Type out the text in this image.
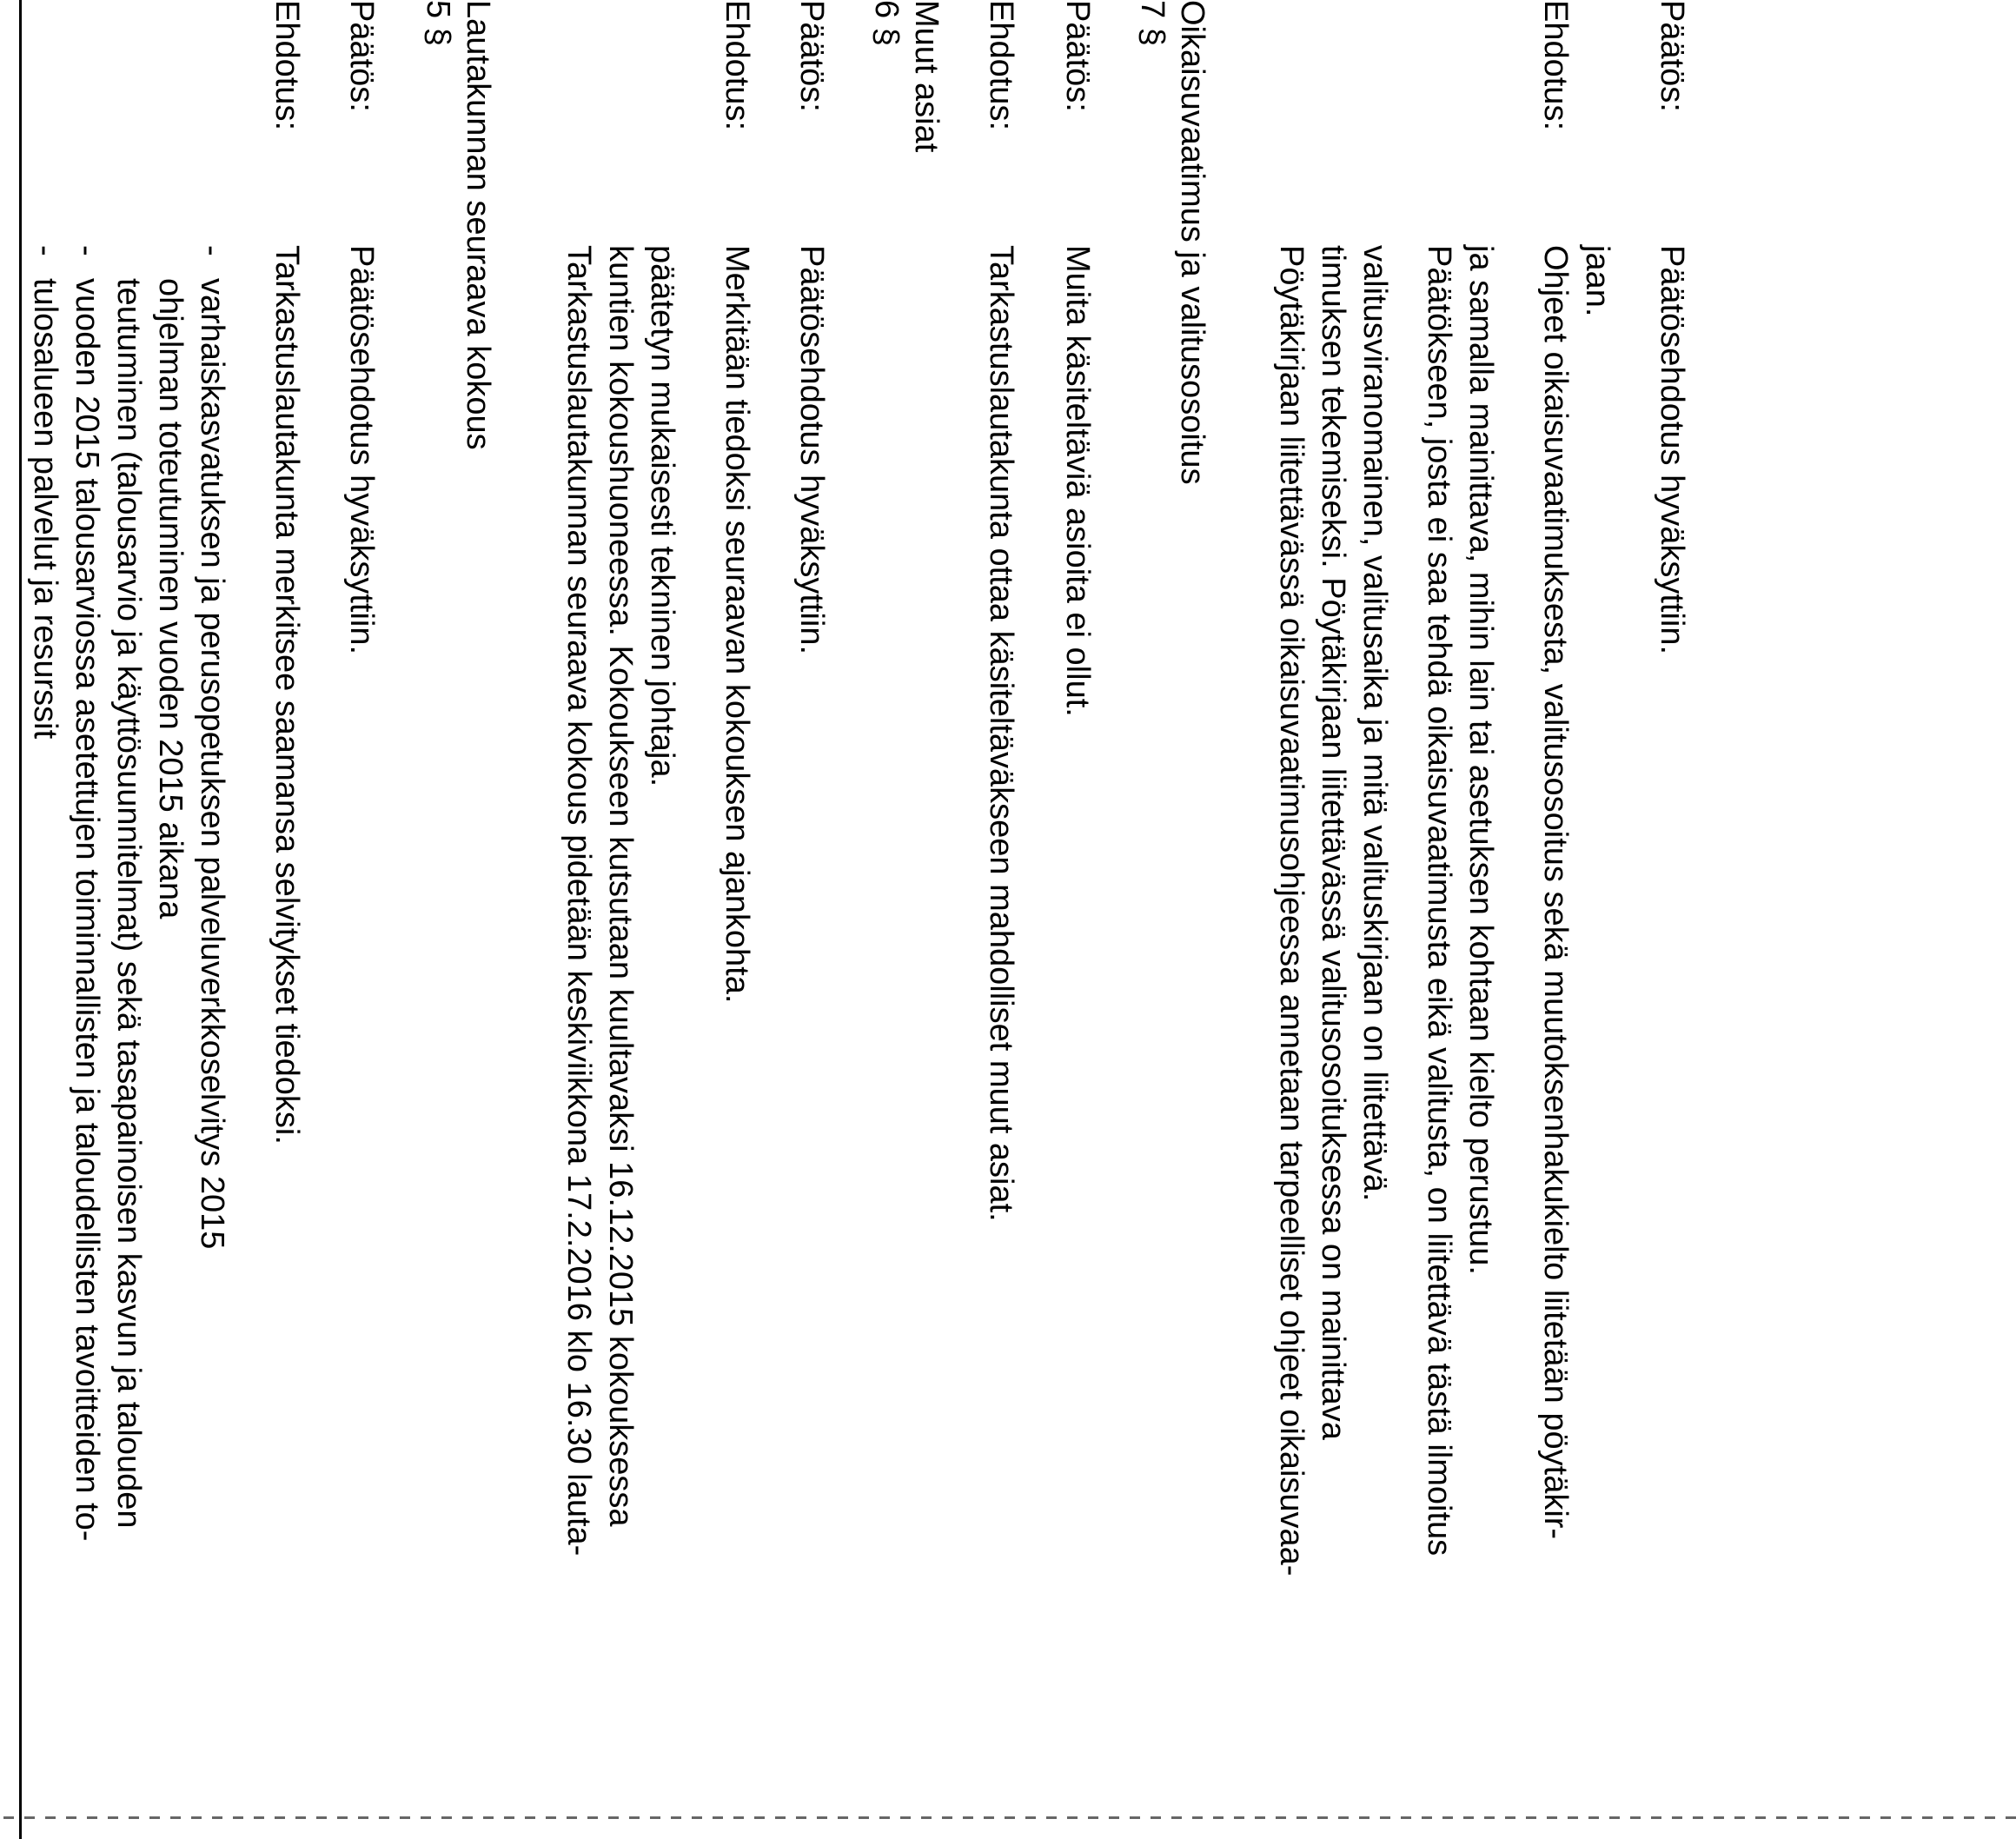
-
tulosalueen palvelut ja resurssit
-
vuoden 2015 talousarviossa asetettujen toiminnallisten ja taloudellisten tavoitteiden to- teutuminen (talousarvio ja käyttösuunnitelmat) sekä tasapainoisen kasvun ja talouden ohjelman toteutuminen vuoden 2015 aikana
-
varhaiskasvatuksen ja perusopetuksen palveluverkkoselvitys 2015
Ehdotus:
Tarkastuslautakunta merkitsee saamansa selvitykset tiedoksi.
Päätös:
Päätösehdotus hyväksyttiin.
5 § Lautakunnan seuraava kokous
Tarkastuslautakunnan seuraava kokous pidetään keskiviikkona 17.2.2016 klo 16.30 lauta- kuntien kokoushuoneessa. Kokoukseen kutsutaan kuultavaksi 16.12.2015 kokouksessa päätetyn mukaisesti tekninen johtaja.
Ehdotus:
Merkitään tiedoksi seuraavan kokouksen ajankohta.
Päätös:
Päätösehdotus hyväksyttiin.
6 § Muut asiat Ehdotus:
Tarkastuslautakunta ottaa käsiteltäväkseen mahdolliset muut asiat.
Päätös:
Muita käsiteltäviä asioita ei ollut.
7 § Oikaisuvaatimus ja valitusosoitus
Pöytäkirjaan liitettävässä oikaisuvaatimusohjeessa annetaan tarpeelliset ohjeet oikaisuvaa- timuksen tekemiseksi. Pöytäkirjaan liitettävässä valitusosoituksessa on mainittava valitusviranomainen, valitusaika ja mitä valituskirjaan on liitettävä. Päätökseen, josta ei saa tehdä oikaisuvaatimusta eikä valitusta, on liitettävä tästä ilmoitus ja samalla mainittava, mihin lain tai asetuksen kohtaan kielto perustuu.
Ehdotus:
Ohjeet oikaisuvaatimuksesta, valitusosoitus sekä muutoksenhakukielto liitetään pöytäkir- jaan.
Päätös:
Päätösehdotus hyväksyttiin.
